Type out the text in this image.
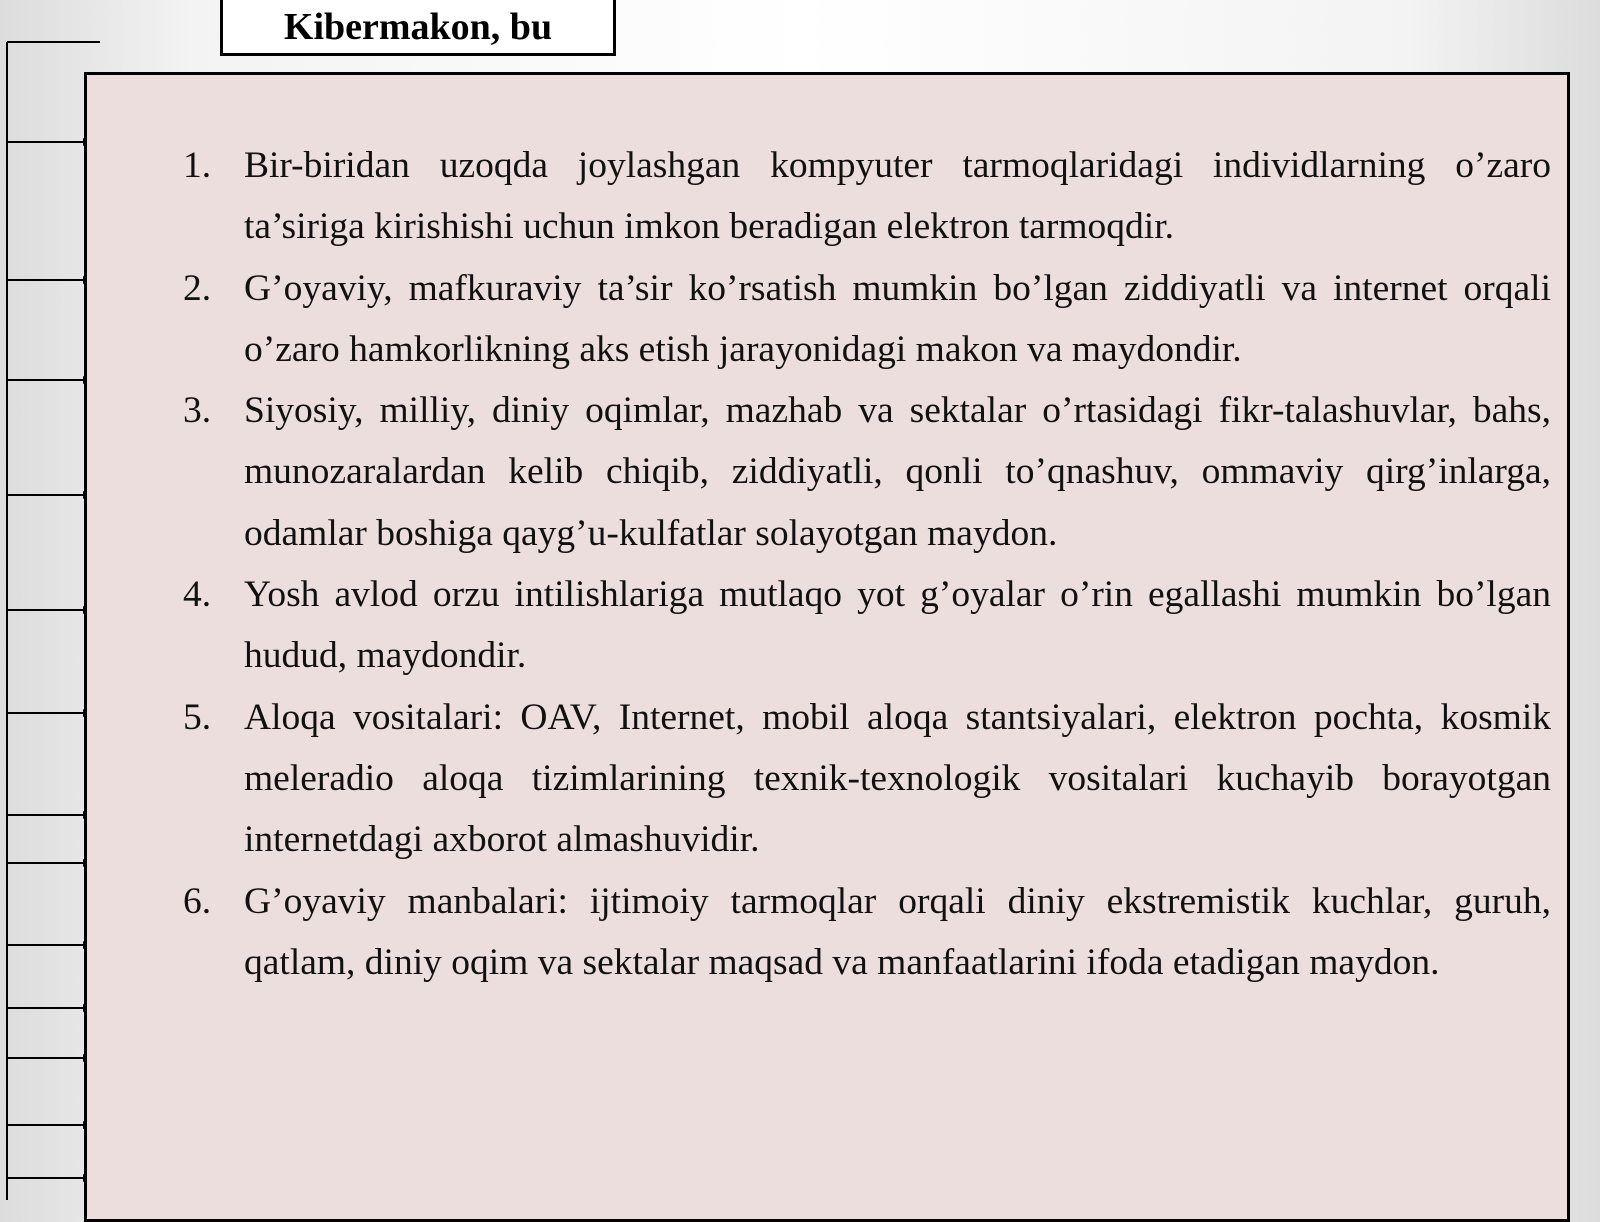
Kibermakon, bu
1. Bir-biridan uzoqda joylashgan kompyuter tarmoqlaridagi individlarning o’zaro ta’siriga kirishishi uchun imkon beradigan elektron tarmoqdir.
2. G’oyaviy, mafkuraviy ta’sir ko’rsatish mumkin bo’lgan ziddiyatli va internet orqali o’zaro hamkorlikning aks etish jarayonidagi makon va maydondir.
3. Siyosiy, milliy, diniy oqimlar, mazhab va sektalar o’rtasidagi fikr-talashuvlar, bahs, munozaralardan kelib chiqib, ziddiyatli, qonli to’qnashuv, ommaviy qirg’inlarga, odamlar boshiga qayg’u-kulfatlar solayotgan maydon.
4. Yosh avlod orzu intilishlariga mutlaqo yot g’oyalar o’rin egallashi mumkin bo’lgan hudud, maydondir.
5. Aloqa vositalari: OAV, Internet, mobil aloqa stantsiyalari, elektron pochta, kosmik meleradio aloqa tizimlarining texnik-texnologik vositalari kuchayib borayotgan internetdagi axborot almashuvidir.
6. G’oyaviy manbalari: ijtimoiy tarmoqlar orqali diniy ekstremistik kuchlar, guruh, qatlam, diniy oqim va sektalar maqsad va manfaatlarini ifoda etadigan maydon.
